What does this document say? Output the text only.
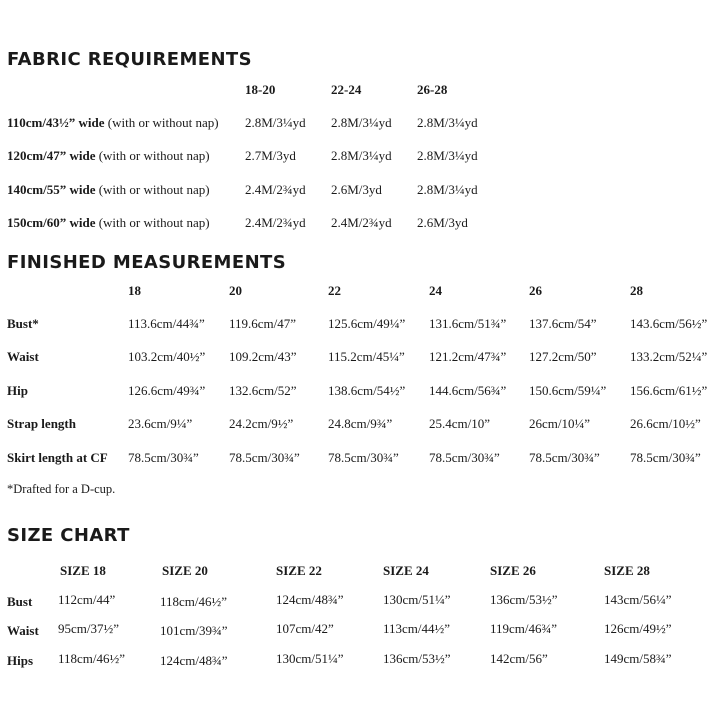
FABRIC REQUIREMENTS
18-20	22-24	26-28
110cm/43½” wide (with or without nap) 2.8M/3¼yd 2.8M/3¼yd 2.8M/3¼yd
120cm/47” wide (with or without nap)	2.7M/3yd	2.8M/3¼yd 2.8M/3¼yd
140cm/55” wide (with or without nap)	2.4M/2¾yd 2.6M/3yd	2.8M/3¼yd
150cm/60” wide (with or without nap)	2.4M/2¾yd 2.4M/2¾yd 2.6M/3yd
FINISHED MEASUREMENTS
18	20	22	24	26	28
Bust*	113.6cm/44¾” 119.6cm/47” 125.6cm/49¼” 131.6cm/51¾” 137.6cm/54”	143.6cm/56½”
Waist	103.2cm/40½” 109.2cm/43” 115.2cm/45¼” 121.2cm/47¾” 127.2cm/50”	133.2cm/52¼”
Hip	126.6cm/49¾” 132.6cm/52” 138.6cm/54½” 144.6cm/56¾” 150.6cm/59¼” 156.6cm/61½”
Strap length	23.6cm/9¼”	24.2cm/9½”	24.8cm/9¾”	25.4cm/10”	26cm/10¼”	26.6cm/10½”
Skirt length at CF 78.5cm/30¾” 78.5cm/30¾” 78.5cm/30¾” 78.5cm/30¾” 78.5cm/30¾” 78.5cm/30¾”
*Drafted for a D-cup.
SIZE CHART
SIZE 18	SIZE 20	SIZE 22	SIZE 24	SIZE 26	SIZE 28
Bust 112cm/44”	118cm/46½”	124cm/48¾”	130cm/51¼”	136cm/53½”	143cm/56¼”
Waist 95cm/37½”	101cm/39¾”	107cm/42”	113cm/44½”	119cm/46¾”	126cm/49½”
Hips 118cm/46½”	124cm/48¾”	130cm/51¼”	136cm/53½”	142cm/56”	149cm/58¾”
